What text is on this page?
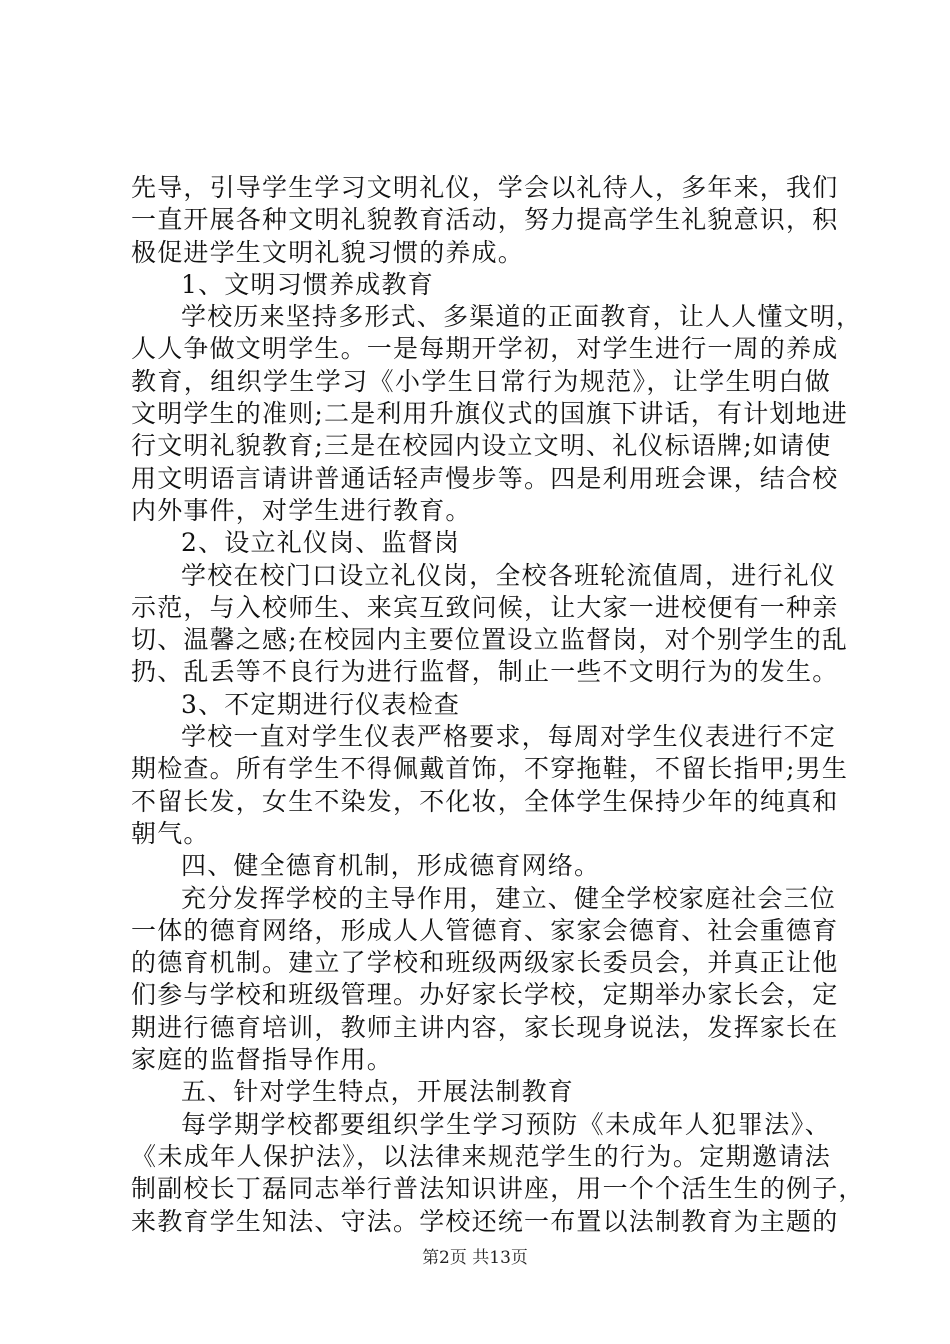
先导，引导学生学习文明礼仪，学会以礼待人，多年来，我们
一直开展各种文明礼貌教育活动，努力提高学生礼貌意识，积
极促进学生文明礼貌习惯的养成。
1、文明习惯养成教育
学校历来坚持多形式、多渠道的正面教育，让人人懂文明，
人人争做文明学生。一是每期开学初，对学生进行一周的养成
教育，组织学生学习《小学生日常行为规范》，让学生明白做
文明学生的准则;二是利用升旗仪式的国旗下讲话，有计划地进
行文明礼貌教育;三是在校园内设立文明、礼仪标语牌;如请使
用文明语言请讲普通话轻声慢步等。四是利用班会课，结合校
内外事件，对学生进行教育。
2、设立礼仪岗、监督岗
学校在校门口设立礼仪岗，全校各班轮流值周，进行礼仪
示范，与入校师生、来宾互致问候，让大家一进校便有一种亲
切、温馨之感;在校园内主要位置设立监督岗，对个别学生的乱
扔、乱丢等不良行为进行监督，制止一些不文明行为的发生。
3、不定期进行仪表检查
学校一直对学生仪表严格要求，每周对学生仪表进行不定
期检查。所有学生不得佩戴首饰，不穿拖鞋，不留长指甲;男生
不留长发，女生不染发，不化妆，全体学生保持少年的纯真和
朝气。
四、健全德育机制，形成德育网络。
充分发挥学校的主导作用，建立、健全学校家庭社会三位
一体的德育网络，形成人人管德育、家家会德育、社会重德育
的德育机制。建立了学校和班级两级家长委员会，并真正让他
们参与学校和班级管理。办好家长学校，定期举办家长会，定
期进行德育培训，教师主讲内容，家长现身说法，发挥家长在
家庭的监督指导作用。
五、针对学生特点，开展法制教育
每学期学校都要组织学生学习预防《未成年人犯罪法》、
《未成年人保护法》，以法律来规范学生的行为。定期邀请法
制副校长丁磊同志举行普法知识讲座，用一个个活生生的例子，
来教育学生知法、守法。学校还统一布置以法制教育为主题的
第2页 共13页
